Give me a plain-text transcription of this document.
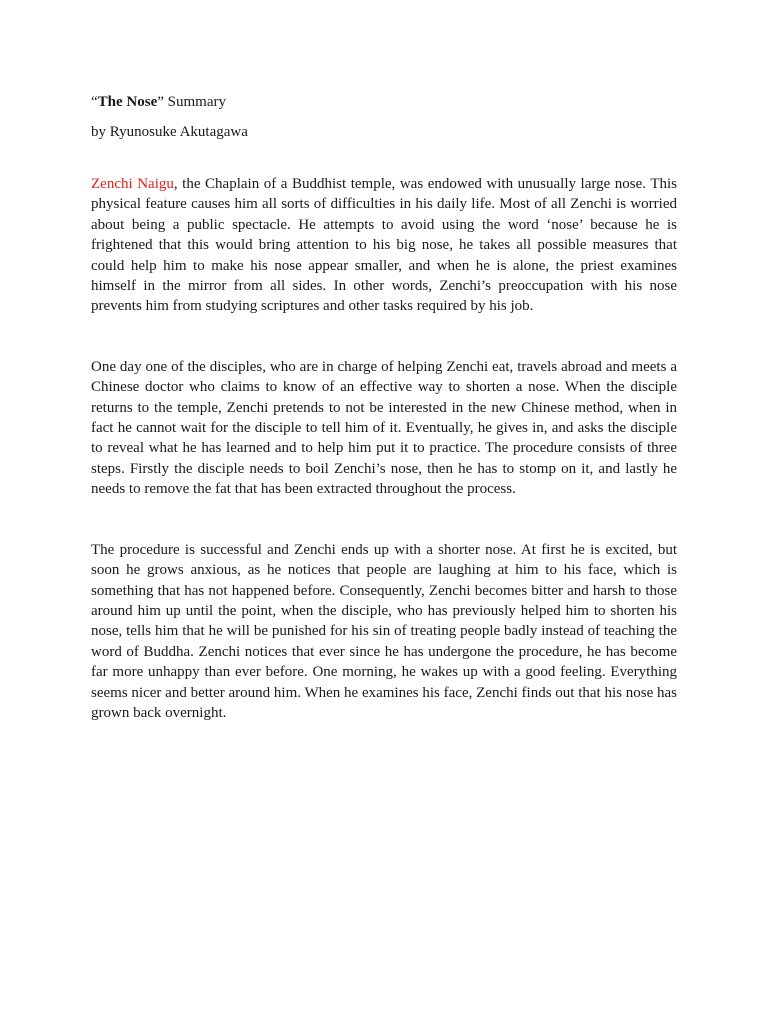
“The Nose” Summary

by Ryunosuke Akutagawa

Zenchi Naigu, the Chaplain of a Buddhist temple, was endowed with unusually large nose. This physical feature causes him all sorts of difficulties in his daily life. Most of all Zenchi is worried about being a public spectacle. He attempts to avoid using the word ‘nose’ because he is frightened that this would bring attention to his big nose, he takes all possible measures that could help him to make his nose appear smaller, and when he is alone, the priest examines himself in the mirror from all sides. In other words, Zenchi’s preoccupation with his nose prevents him from studying scriptures and other tasks required by his job.

One day one of the disciples, who are in charge of helping Zenchi eat, travels abroad and meets a Chinese doctor who claims to know of an effective way to shorten a nose. When the disciple returns to the temple, Zenchi pretends to not be interested in the new Chinese method, when in fact he cannot wait for the disciple to tell him of it. Eventually, he gives in, and asks the disciple to reveal what he has learned and to help him put it to practice. The procedure consists of three steps. Firstly the disciple needs to boil Zenchi’s nose, then he has to stomp on it, and lastly he needs to remove the fat that has been extracted throughout the process.

The procedure is successful and Zenchi ends up with a shorter nose. At first he is excited, but soon he grows anxious, as he notices that people are laughing at him to his face, which is something that has not happened before. Consequently, Zenchi becomes bitter and harsh to those around him up until the point, when the disciple, who has previously helped him to shorten his nose, tells him that he will be punished for his sin of treating people badly instead of teaching the word of Buddha. Zenchi notices that ever since he has undergone the procedure, he has become far more unhappy than ever before. One morning, he wakes up with a good feeling. Everything seems nicer and better around him. When he examines his face, Zenchi finds out that his nose has grown back overnight.
